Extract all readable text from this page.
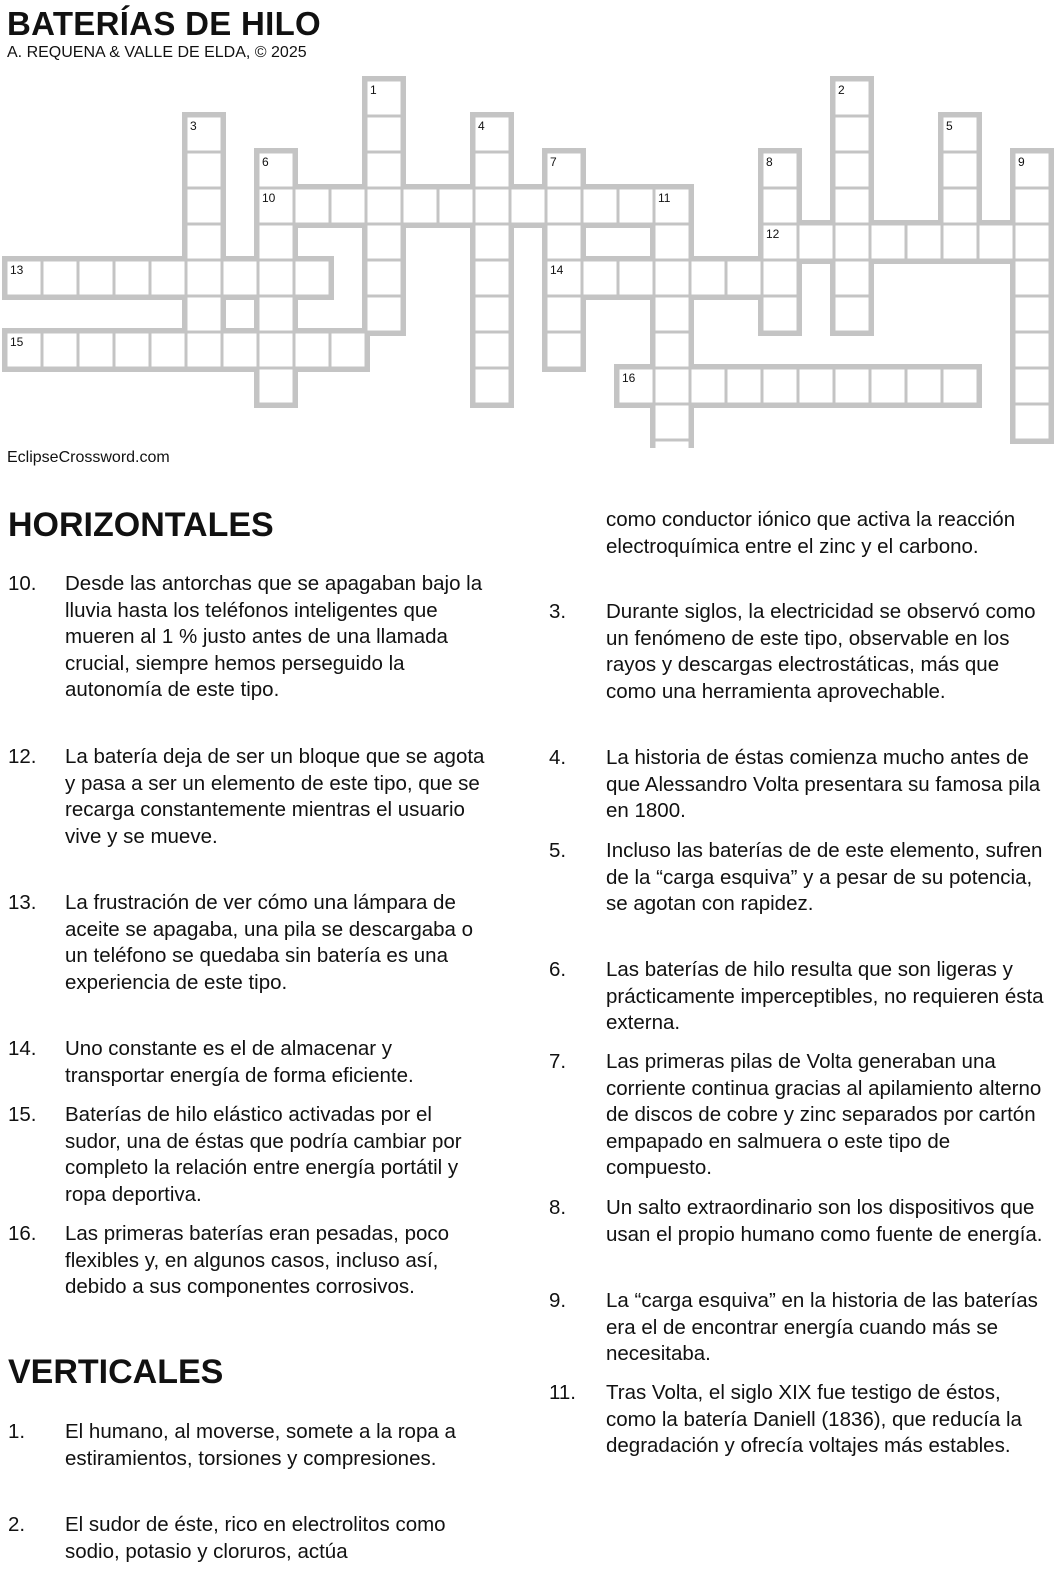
BATERÍAS DE HILO
A. REQUENA & VALLE DE ELDA, © 2025
1	2
3	4	5
6	7	8	9
10	11
12
13	14
15
16
EclipseCrossword.com
HORIZONTALES
10. Desde las antorchas que se apagaban bajo la lluvia hasta los teléfonos inteligentes que mueren al 1 % justo antes de una llamada crucial, siempre hemos perseguido la autonomía de este tipo.
12. La batería deja de ser un bloque que se agota y pasa a ser un elemento de este tipo, que se recarga constantemente mientras el usuario vive y se mueve.
13. La frustración de ver cómo una lámpara de aceite se apagaba, una pila se descargaba o un teléfono se quedaba sin batería es una experiencia de este tipo.
14. Uno constante es el de almacenar y transportar energía de forma eficiente.
15. Baterías de hilo elástico activadas por el sudor, una de éstas que podría cambiar por completo la relación entre energía portátil y ropa deportiva.
16. Las primeras baterías eran pesadas, poco flexibles y, en algunos casos, incluso así, debido a sus componentes corrosivos.
VERTICALES
1. El humano, al moverse, somete a la ropa a estiramientos, torsiones y compresiones.
2. El sudor de éste, rico en electrolitos como sodio, potasio y cloruros, actúa
como conductor iónico que activa la reacción electroquímica entre el zinc y el carbono.
3. Durante siglos, la electricidad se observó como un fenómeno de este tipo, observable en los rayos y descargas electrostáticas, más que como una herramienta aprovechable.
4. La historia de éstas comienza mucho antes de que Alessandro Volta presentara su famosa pila en 1800.
5. Incluso las baterías de de este elemento, sufren de la “carga esquiva” y a pesar de su potencia, se agotan con rapidez.
6. Las baterías de hilo resulta que son ligeras y prácticamente imperceptibles, no requieren ésta externa.
7. Las primeras pilas de Volta generaban una corriente continua gracias al apilamiento alterno de discos de cobre y zinc separados por cartón empapado en salmuera o este tipo de compuesto.
8. Un salto extraordinario son los dispositivos que usan el propio humano como fuente de energía.
9. La “carga esquiva” en la historia de las baterías era el de encontrar energía cuando más se necesitaba.
11. Tras Volta, el siglo XIX fue testigo de éstos, como la batería Daniell (1836), que reducía la degradación y ofrecía voltajes más estables.
